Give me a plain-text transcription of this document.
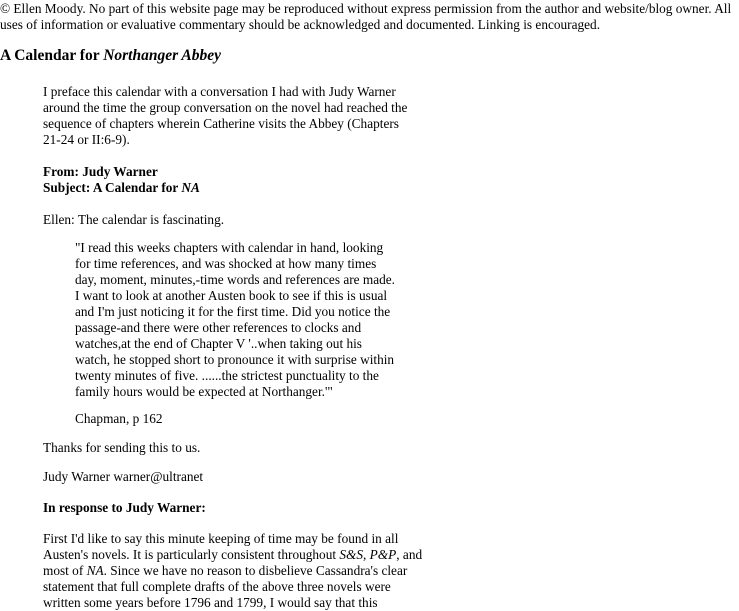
© Ellen Moody. No part of this website page may be reproduced without express permission from the author and website/blog owner. All uses of information or evaluative commentary should be acknowledged and documented. Linking is encouraged.

A Calendar for Northanger Abbey

I preface this calendar with a conversation I had with Judy Warner around the time the group conversation on the novel had reached the sequence of chapters wherein Catherine visits the Abbey (Chapters 21-24 or II:6-9).

From: Judy Warner
Subject: A Calendar for NA

Ellen: The calendar is fascinating.

"I read this weeks chapters with calendar in hand, looking
for time references, and was shocked at how many times
day, moment, minutes,-time words and references are made.
I want to look at another Austen book to see if this is usual
and I'm just noticing it for the first time. Did you notice the
passage-and there were other references to clocks and
watches,at the end of Chapter V '..when taking out his
watch, he stopped short to pronounce it with surprise within
twenty minutes of five. ......the strictest punctuality to the
family hours would be expected at Northanger.'"

Chapman, p 162

Thanks for sending this to us.

Judy Warner warner@ultranet

In response to Judy Warner:

First I'd like to say this minute keeping of time may be found in all
Austen's novels. It is particularly consistent throughout S&S, P&P, and
most of NA. Since we have no reason to disbelieve Cassandra's clear
statement that full complete drafts of the above three novels were
written some years before 1796 and 1799, I would say that this
